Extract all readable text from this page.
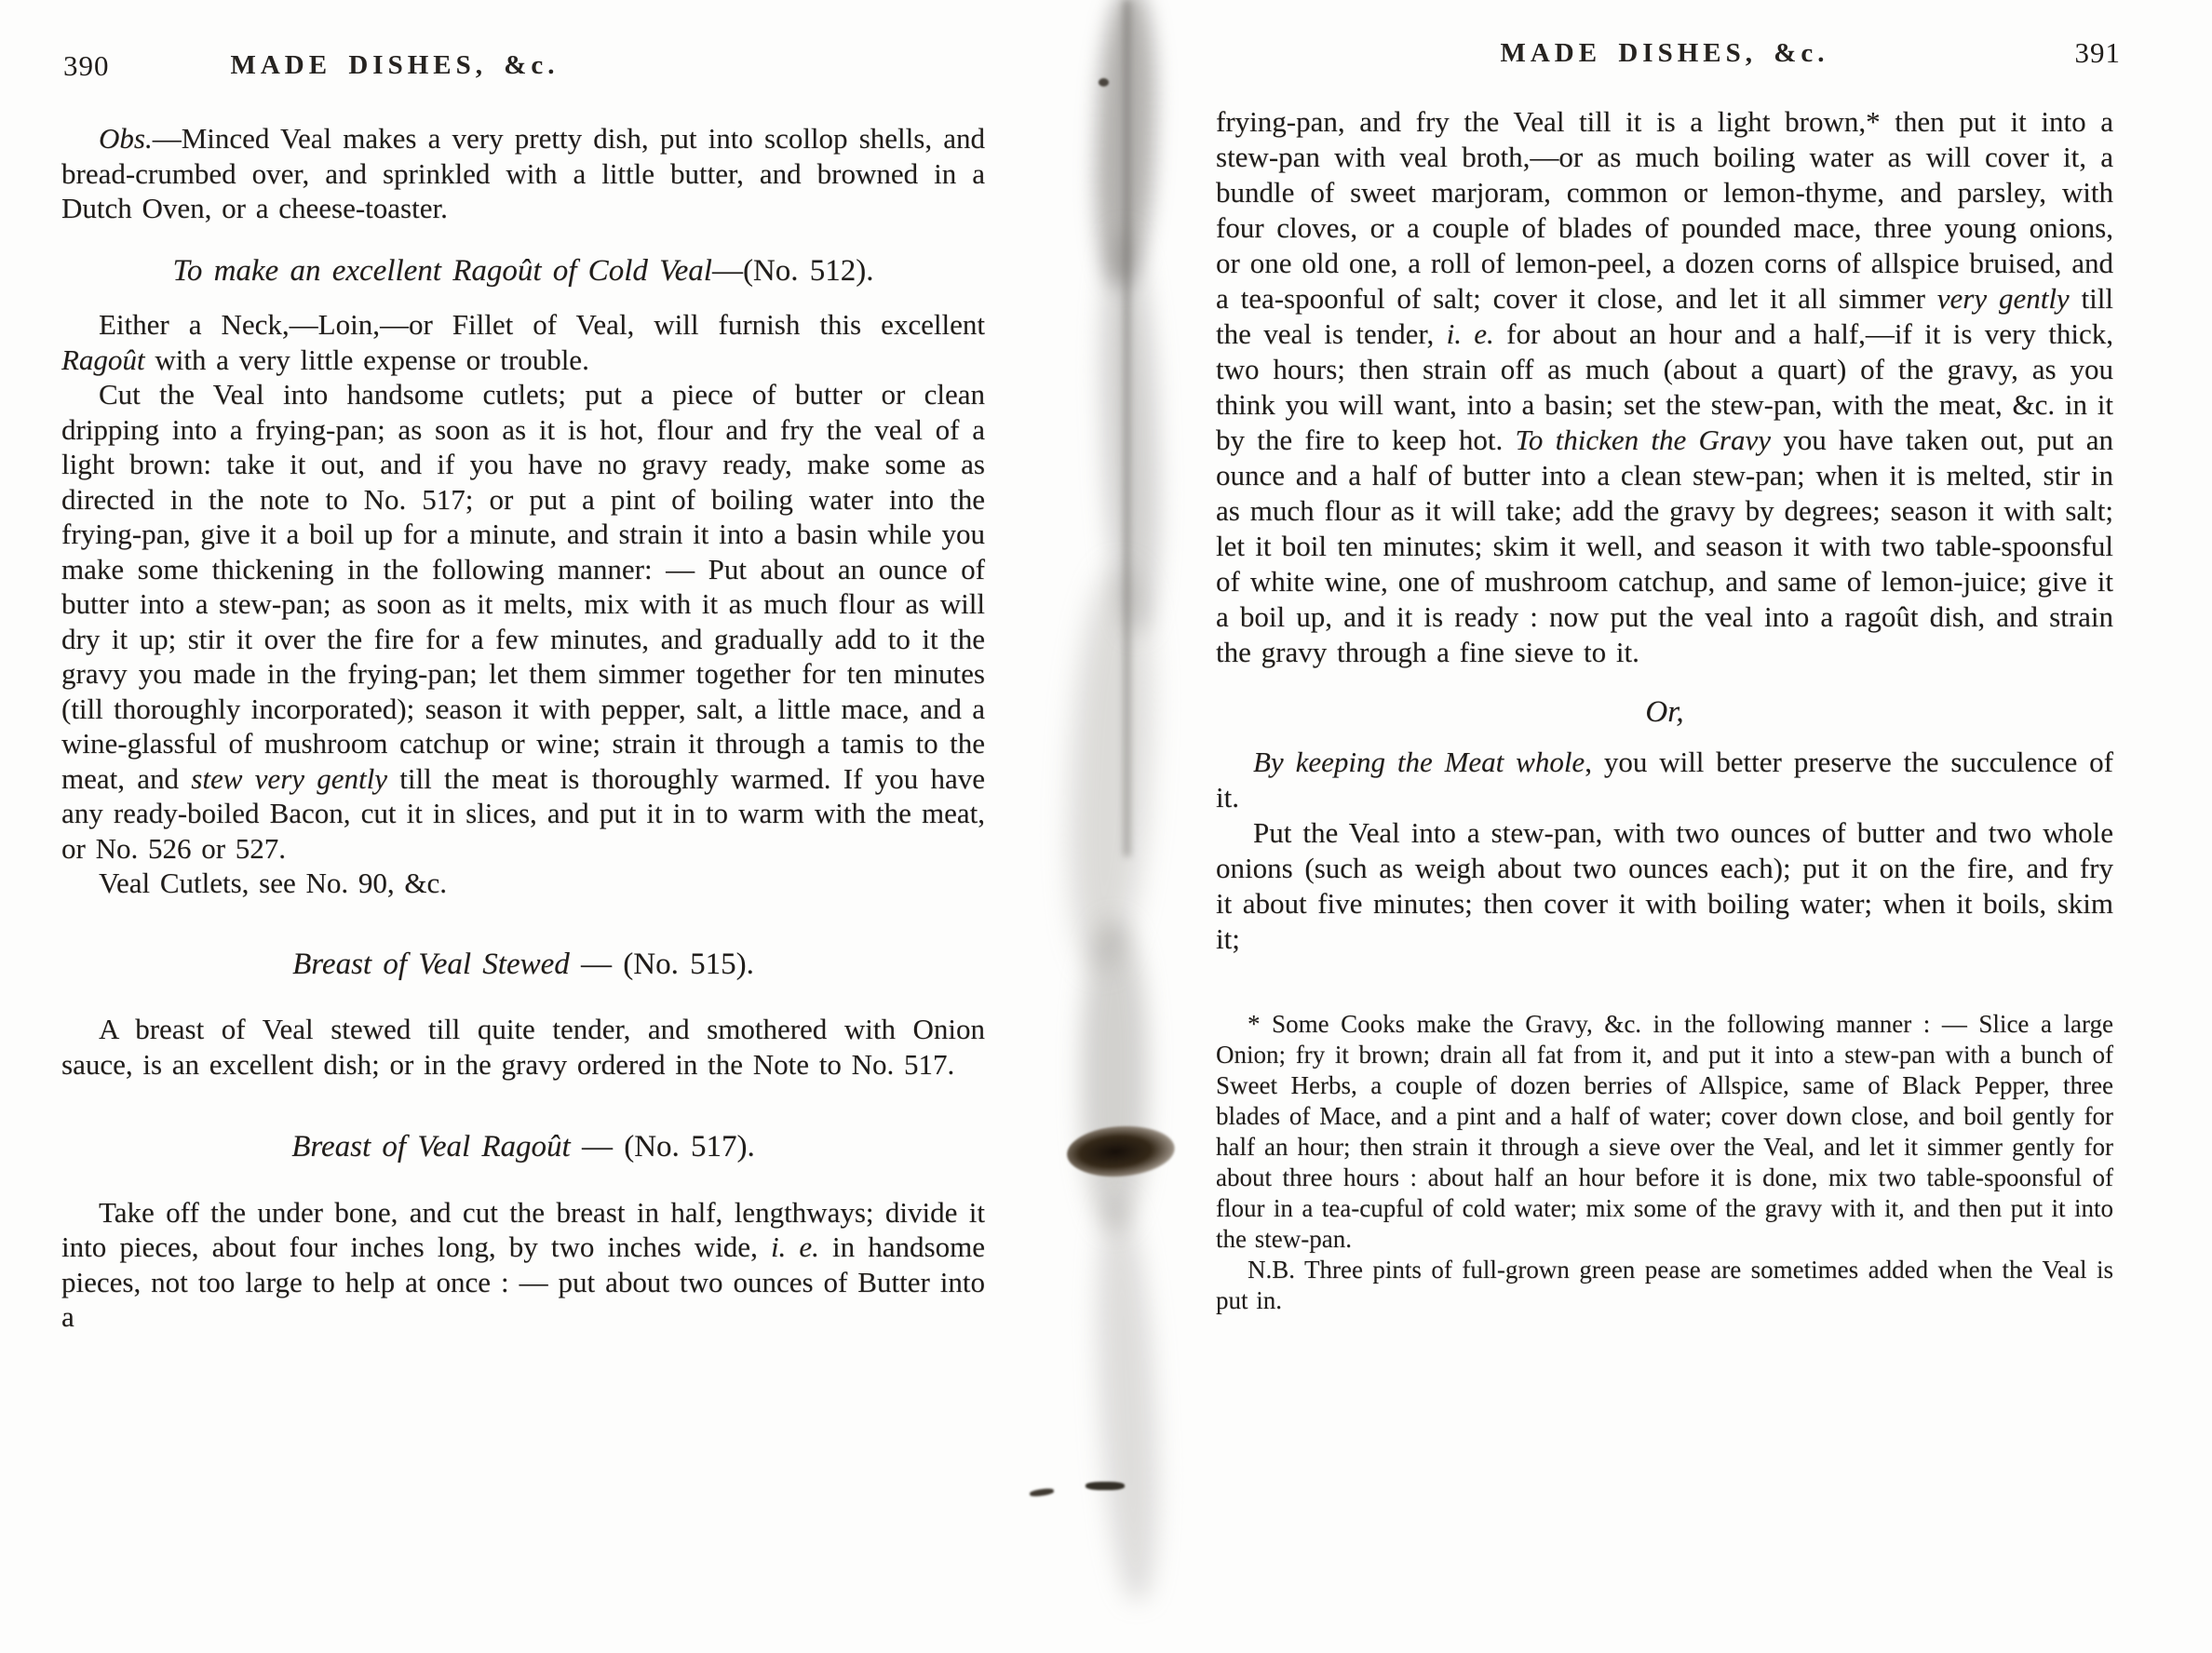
390	MADE DISHES, &c.
Obs.—Minced Veal makes a very pretty dish, put into scollop shells, and bread-crumbed over, and sprinkled with a little butter, and browned in a Dutch Oven, or a cheese-toaster.
To make an excellent Ragoût of Cold Veal—(No. 512).
Either a Neck,—Loin,—or Fillet of Veal, will furnish this excellent Ragoût with a very little expense or trouble.
Cut the Veal into handsome cutlets; put a piece of butter or clean dripping into a frying-pan; as soon as it is hot, flour and fry the veal of a light brown: take it out, and if you have no gravy ready, make some as directed in the note to No. 517; or put a pint of boiling water into the frying-pan, give it a boil up for a minute, and strain it into a basin while you make some thickening in the following manner: — Put about an ounce of butter into a stew-pan; as soon as it melts, mix with it as much flour as will dry it up; stir it over the fire for a few minutes, and gradually add to it the gravy you made in the frying-pan; let them simmer together for ten minutes (till thoroughly incorporated); season it with pepper, salt, a little mace, and a wine-glassful of mushroom catchup or wine; strain it through a tamis to the meat, and stew very gently till the meat is thoroughly warmed. If you have any ready-boiled Bacon, cut it in slices, and put it in to warm with the meat, or No. 526 or 527.
Veal Cutlets, see No. 90, &c.
Breast of Veal Stewed — (No. 515).
A breast of Veal stewed till quite tender, and smothered with Onion sauce, is an excellent dish; or in the gravy ordered in the Note to No. 517.
Breast of Veal Ragoût — (No. 517).
Take off the under bone, and cut the breast in half, lengthways; divide it into pieces, about four inches long, by two inches wide, i. e. in handsome pieces, not too large to help at once : — put about two ounces of Butter into a
MADE DISHES, &c.	391
frying-pan, and fry the Veal till it is a light brown,* then put it into a stew-pan with veal broth,—or as much boiling water as will cover it, a bundle of sweet marjoram, common or lemon-thyme, and parsley, with four cloves, or a couple of blades of pounded mace, three young onions, or one old one, a roll of lemon-peel, a dozen corns of allspice bruised, and a tea-spoonful of salt; cover it close, and let it all simmer very gently till the veal is tender, i. e. for about an hour and a half,—if it is very thick, two hours; then strain off as much (about a quart) of the gravy, as you think you will want, into a basin; set the stew-pan, with the meat, &c. in it by the fire to keep hot. To thicken the Gravy you have taken out, put an ounce and a half of butter into a clean stew-pan; when it is melted, stir in as much flour as it will take; add the gravy by degrees; season it with salt; let it boil ten minutes; skim it well, and season it with two table-spoonsful of white wine, one of mushroom catchup, and same of lemon-juice; give it a boil up, and it is ready : now put the veal into a ragoût dish, and strain the gravy through a fine sieve to it.
Or,
By keeping the Meat whole, you will better preserve the succulence of it.
Put the Veal into a stew-pan, with two ounces of butter and two whole onions (such as weigh about two ounces each); put it on the fire, and fry it about five minutes; then cover it with boiling water; when it boils, skim it;
* Some Cooks make the Gravy, &c. in the following manner : — Slice a large Onion; fry it brown; drain all fat from it, and put it into a stew-pan with a bunch of Sweet Herbs, a couple of dozen berries of Allspice, same of Black Pepper, three blades of Mace, and a pint and a half of water; cover down close, and boil gently for half an hour; then strain it through a sieve over the Veal, and let it simmer gently for about three hours : about half an hour before it is done, mix two table-spoonsful of flour in a tea-cupful of cold water; mix some of the gravy with it, and then put it into the stew-pan.
N.B. Three pints of full-grown green pease are sometimes added when the Veal is put in.
